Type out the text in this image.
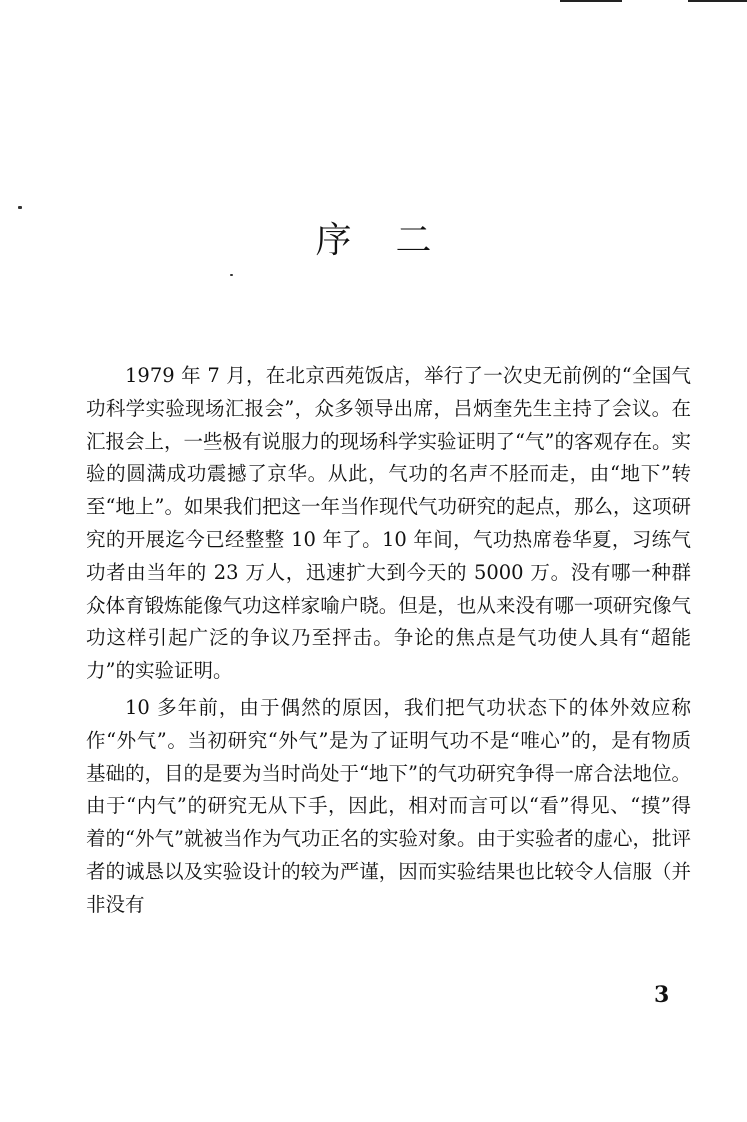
序二

1979 年 7 月，在北京西苑饭店，举行了一次史无前例的“全国气功科学实验现场汇报会”，众多领导出席，吕炳奎先生主持了会议。在汇报会上，一些极有说服力的现场科学实验证明了“气”的客观存在。实验的圆满成功震撼了京华。从此，气功的名声不胫而走，由“地下”转至“地上”。如果我们把这一年当作现代气功研究的起点，那么，这项研究的开展迄今已经整整 10 年了。10 年间，气功热席卷华夏，习练气功者由当年的 23 万人，迅速扩大到今天的 5000 万。没有哪一种群众体育锻炼能像气功这样家喻户晓。但是，也从来没有哪一项研究像气功这样引起广泛的争议乃至抨击。争论的焦点是气功使人具有“超能力”的实验证明。

10 多年前，由于偶然的原因，我们把气功状态下的体外效应称作“外气”。当初研究“外气”是为了证明气功不是“唯心”的，是有物质基础的，目的是要为当时尚处于“地下”的气功研究争得一席合法地位。由于“内气”的研究无从下手，因此，相对而言可以“看”得见、“摸”得着的“外气”就被当作为气功正名的实验对象。由于实验者的虚心，批评者的诚恳以及实验设计的较为严谨，因而实验结果也比较令人信服（并非没有

3
